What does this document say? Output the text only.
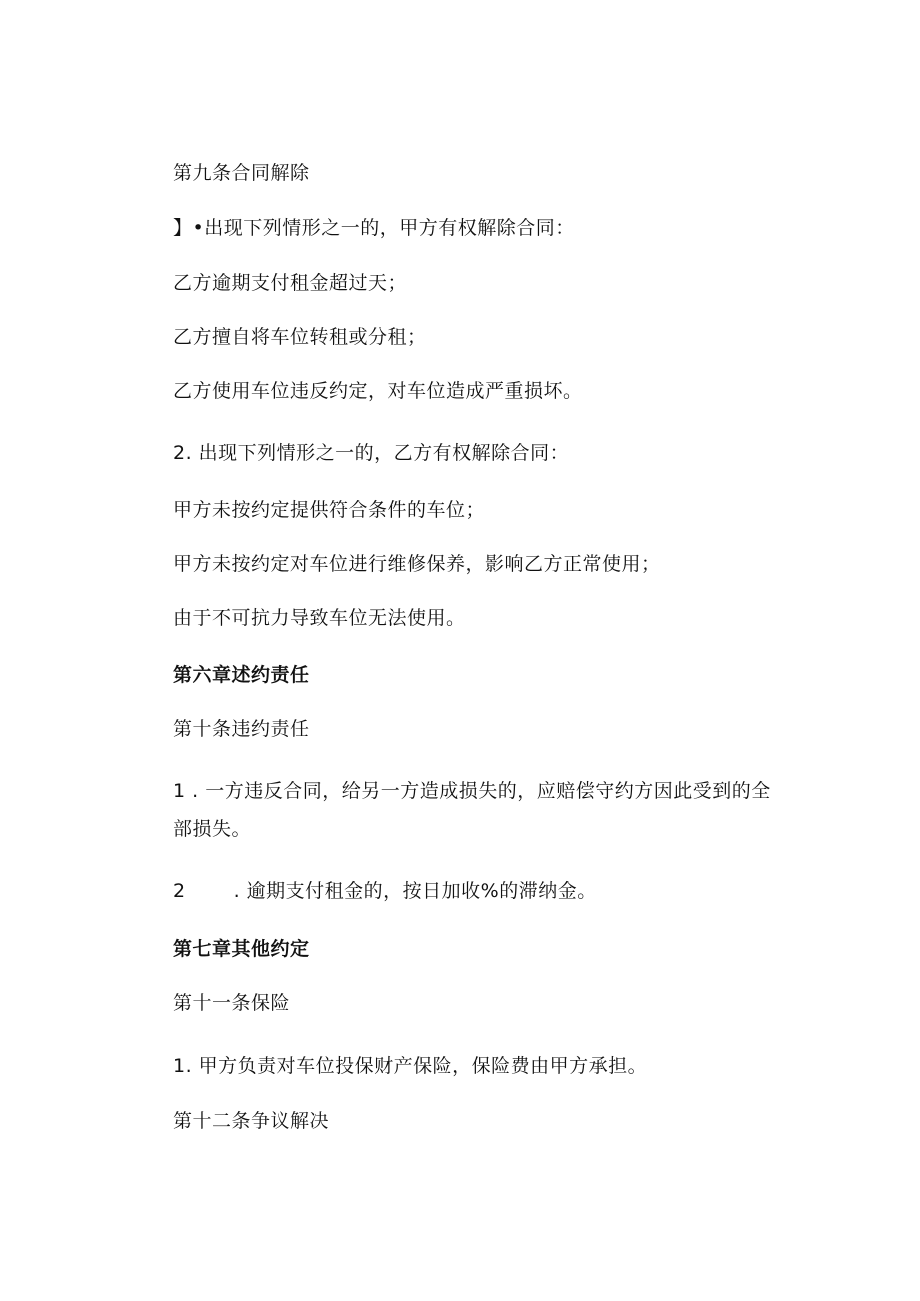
第九条合同解除
】•出现下列情形之一的，甲方有权解除合同：
乙方逾期支付租金超过天；
乙方擅自将车位转租或分租；
乙方使用车位违反约定，对车位造成严重损坏。
2. 出现下列情形之一的，乙方有权解除合同：
甲方未按约定提供符合条件的车位；
甲方未按约定对车位进行维修保养，影响乙方正常使用；
由于不可抗力导致车位无法使用。
第六章述约责任
第十条违约责任
1 . 一方违反合同，给另一方造成损失的，应赔偿守约方因此受到的全部损失。
2	. 逾期支付租金的，按日加收%的滞纳金。
第七章其他约定
第十一条保险
1. 甲方负责对车位投保财产保险，保险费由甲方承担。
第十二条争议解决
